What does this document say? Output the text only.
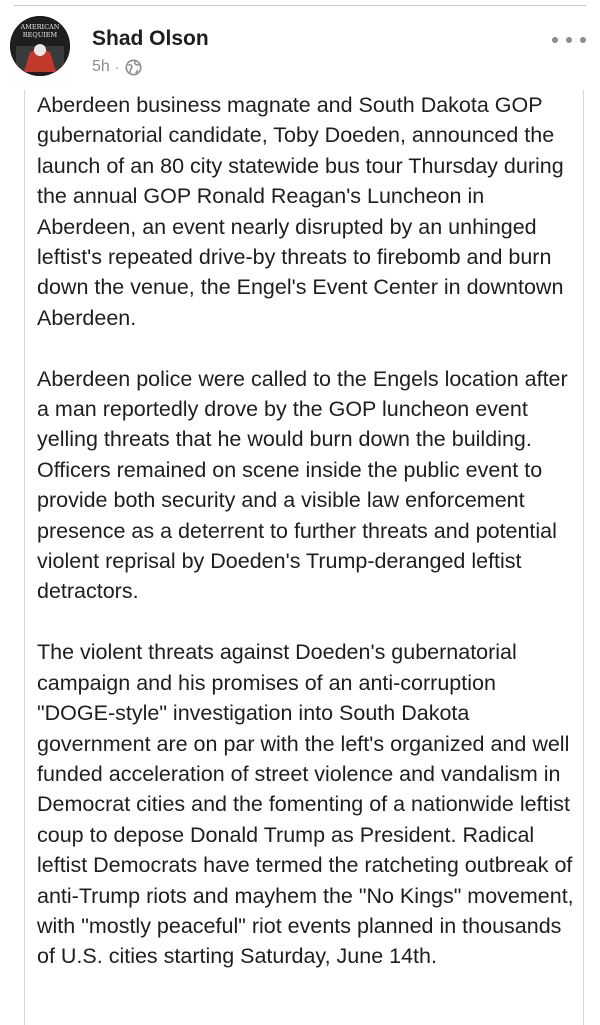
AMERICAN
REQUIEM Shad Olson
5h ·

Aberdeen business magnate and South Dakota GOP gubernatorial candidate, Toby Doeden, announced the launch of an 80 city statewide bus tour Thursday during the annual GOP Ronald Reagan's Luncheon in Aberdeen, an event nearly disrupted by an unhinged leftist's repeated drive-by threats to firebomb and burn down the venue, the Engel's Event Center in downtown Aberdeen.

Aberdeen police were called to the Engels location after a man reportedly drove by the GOP luncheon event yelling threats that he would burn down the building. Officers remained on scene inside the public event to provide both security and a visible law enforcement presence as a deterrent to further threats and potential violent reprisal by Doeden's Trump-deranged leftist detractors.

The violent threats against Doeden's gubernatorial campaign and his promises of an anti-corruption "DOGE-style" investigation into South Dakota government are on par with the left's organized and well funded acceleration of street violence and vandalism in Democrat cities and the fomenting of a nationwide leftist coup to depose Donald Trump as President. Radical leftist Democrats have termed the ratcheting outbreak of anti-Trump riots and mayhem the "No Kings" movement, with "mostly peaceful" riot events planned in thousands of U.S. cities starting Saturday, June 14th.
